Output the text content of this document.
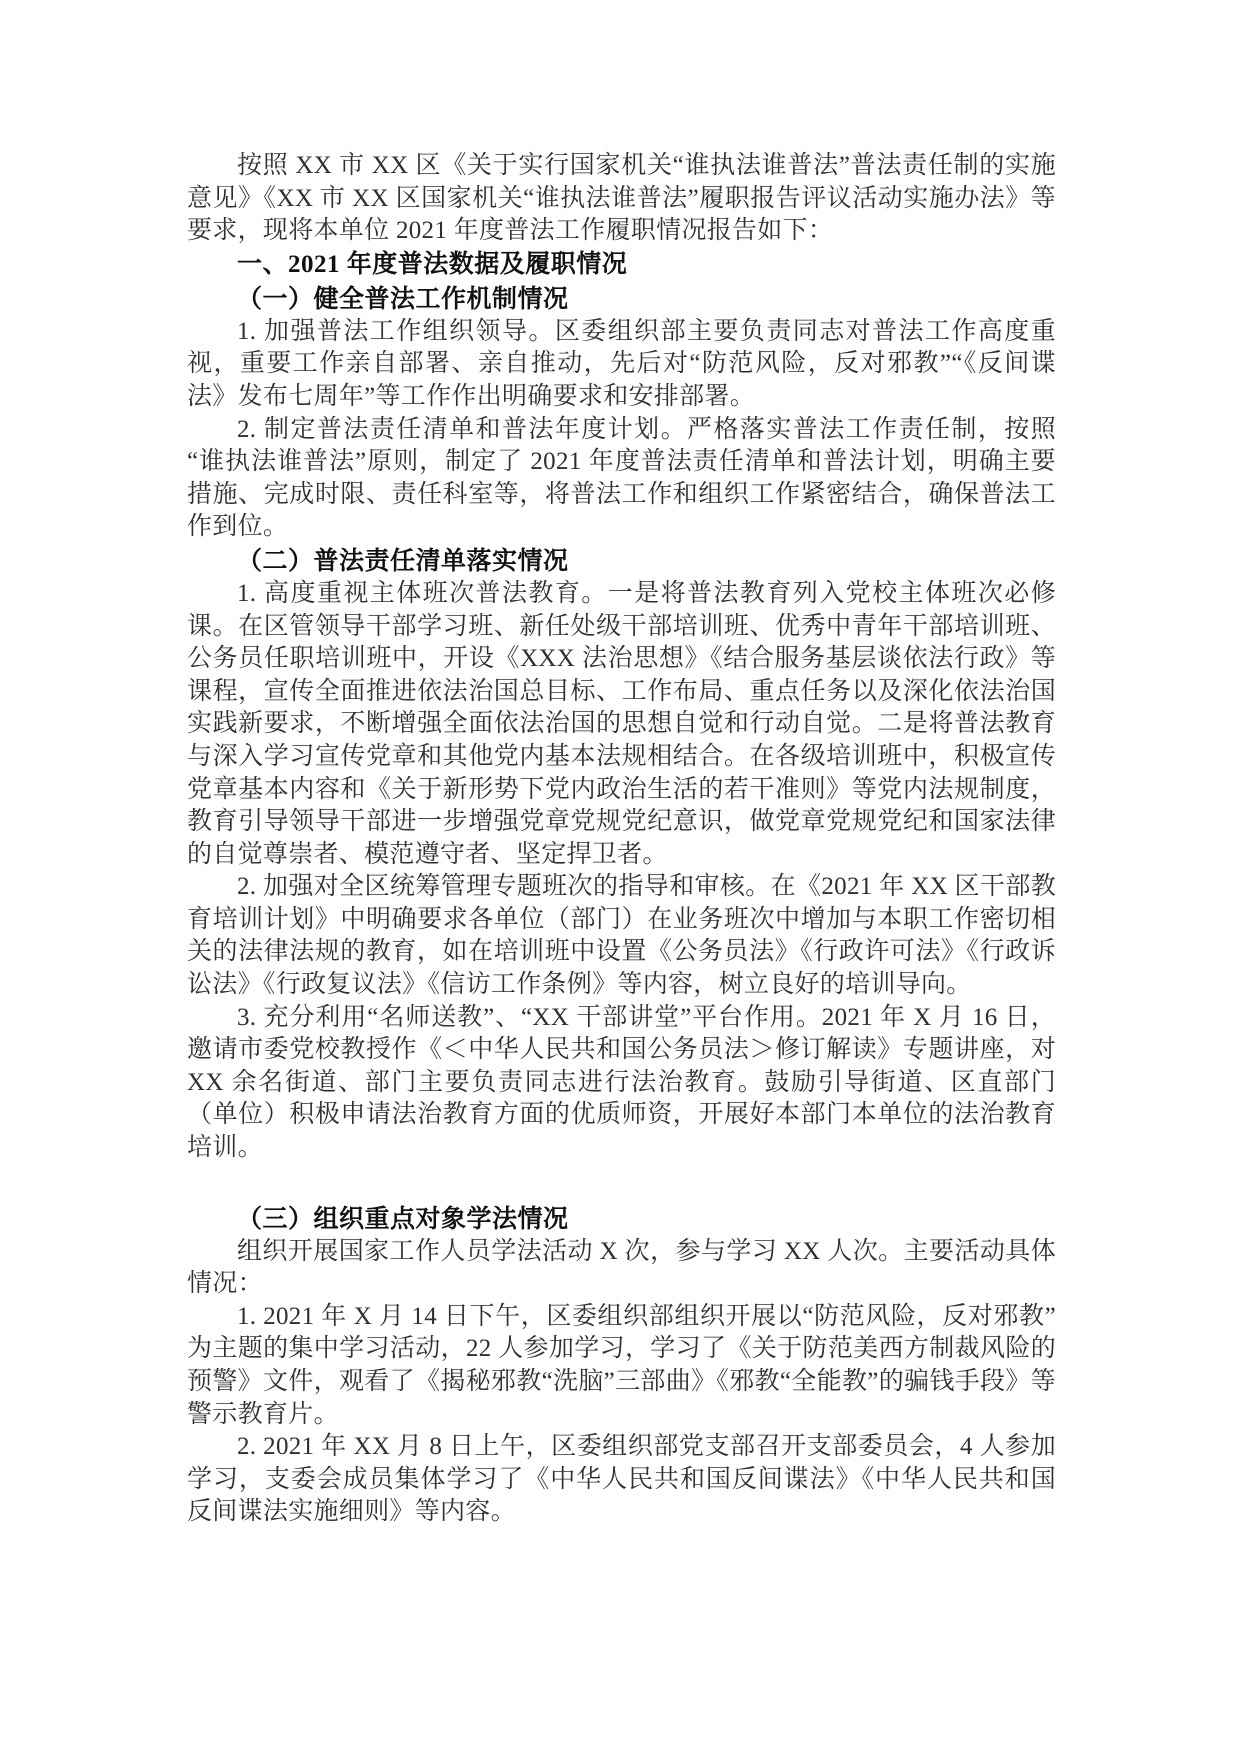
按照 XX 市 XX 区《关于实行国家机关“谁执法谁普法”普法责任制的实施意见》《XX 市 XX 区国家机关“谁执法谁普法”履职报告评议活动实施办法》等要求，现将本单位 2021 年度普法工作履职情况报告如下：

一、2021 年度普法数据及履职情况

（一）健全普法工作机制情况

1. 加强普法工作组织领导。区委组织部主要负责同志对普法工作高度重视，重要工作亲自部署、亲自推动，先后对“防范风险，反对邪教”“《反间谍法》发布七周年”等工作作出明确要求和安排部署。

2. 制定普法责任清单和普法年度计划。严格落实普法工作责任制，按照“谁执法谁普法”原则，制定了 2021 年度普法责任清单和普法计划，明确主要措施、完成时限、责任科室等，将普法工作和组织工作紧密结合，确保普法工作到位。

（二）普法责任清单落实情况

1. 高度重视主体班次普法教育。一是将普法教育列入党校主体班次必修课。在区管领导干部学习班、新任处级干部培训班、优秀中青年干部培训班、公务员任职培训班中，开设《XXX 法治思想》《结合服务基层谈依法行政》等课程，宣传全面推进依法治国总目标、工作布局、重点任务以及深化依法治国实践新要求，不断增强全面依法治国的思想自觉和行动自觉。二是将普法教育与深入学习宣传党章和其他党内基本法规相结合。在各级培训班中，积极宣传党章基本内容和《关于新形势下党内政治生活的若干准则》等党内法规制度，教育引导领导干部进一步增强党章党规党纪意识，做党章党规党纪和国家法律的自觉尊崇者、模范遵守者、坚定捍卫者。

2. 加强对全区统筹管理专题班次的指导和审核。在《2021 年 XX 区干部教育培训计划》中明确要求各单位（部门）在业务班次中增加与本职工作密切相关的法律法规的教育，如在培训班中设置《公务员法》《行政许可法》《行政诉讼法》《行政复议法》《信访工作条例》等内容，树立良好的培训导向。

3. 充分利用“名师送教”、“XX 干部讲堂”平台作用。2021 年 X 月 16 日，邀请市委党校教授作《＜中华人民共和国公务员法＞修订解读》专题讲座，对 XX 余名街道、部门主要负责同志进行法治教育。鼓励引导街道、区直部门（单位）积极申请法治教育方面的优质师资，开展好本部门本单位的法治教育培训。

（三）组织重点对象学法情况

组织开展国家工作人员学法活动 X 次，参与学习 XX 人次。主要活动具体情况：

1. 2021 年 X 月 14 日下午，区委组织部组织开展以“防范风险，反对邪教”为主题的集中学习活动，22 人参加学习，学习了《关于防范美西方制裁风险的预警》文件，观看了《揭秘邪教“洗脑”三部曲》《邪教“全能教”的骗钱手段》等警示教育片。

2. 2021 年 XX 月 8 日上午，区委组织部党支部召开支部委员会，4 人参加学习，支委会成员集体学习了《中华人民共和国反间谍法》《中华人民共和国反间谍法实施细则》等内容。
